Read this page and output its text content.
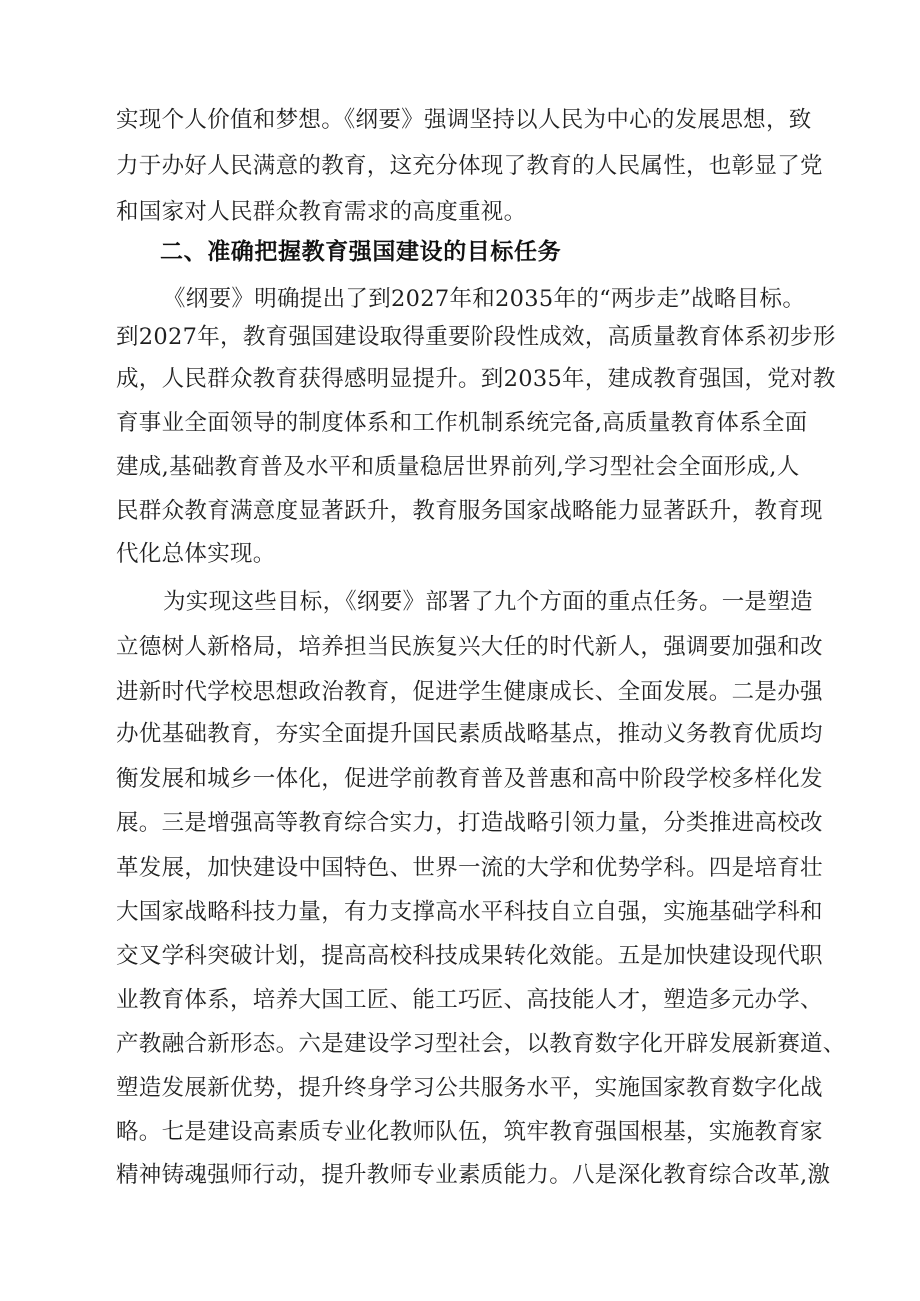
实现个人价值和梦想。《纲要》强调坚持以人民为中心的发展思想，致
力于办好人民满意的教育，这充分体现了教育的人民属性，也彰显了党
和国家对人民群众教育需求的高度重视。
二、准确把握教育强国建设的目标任务
《纲要》明确提出了到2027年和2035年的“两步走”战略目标。
到2027年，教育强国建设取得重要阶段性成效，高质量教育体系初步形
成，人民群众教育获得感明显提升。到2035年，建成教育强国，党对教
育事业全面领导的制度体系和工作机制系统完备,高质量教育体系全面
建成,基础教育普及水平和质量稳居世界前列,学习型社会全面形成,人
民群众教育满意度显著跃升，教育服务国家战略能力显著跃升，教育现
代化总体实现。
为实现这些目标，《纲要》部署了九个方面的重点任务。一是塑造
立德树人新格局，培养担当民族复兴大任的时代新人，强调要加强和改
进新时代学校思想政治教育，促进学生健康成长、全面发展。二是办强
办优基础教育，夯实全面提升国民素质战略基点，推动义务教育优质均
衡发展和城乡一体化，促进学前教育普及普惠和高中阶段学校多样化发
展。三是增强高等教育综合实力，打造战略引领力量，分类推进高校改
革发展，加快建设中国特色、世界一流的大学和优势学科。四是培育壮
大国家战略科技力量，有力支撑高水平科技自立自强，实施基础学科和
交叉学科突破计划，提高高校科技成果转化效能。五是加快建设现代职
业教育体系，培养大国工匠、能工巧匠、高技能人才，塑造多元办学、
产教融合新形态。六是建设学习型社会，以教育数字化开辟发展新赛道、
塑造发展新优势，提升终身学习公共服务水平，实施国家教育数字化战
略。七是建设高素质专业化教师队伍，筑牢教育强国根基，实施教育家
精神铸魂强师行动，提升教师专业素质能力。八是深化教育综合改革,激
